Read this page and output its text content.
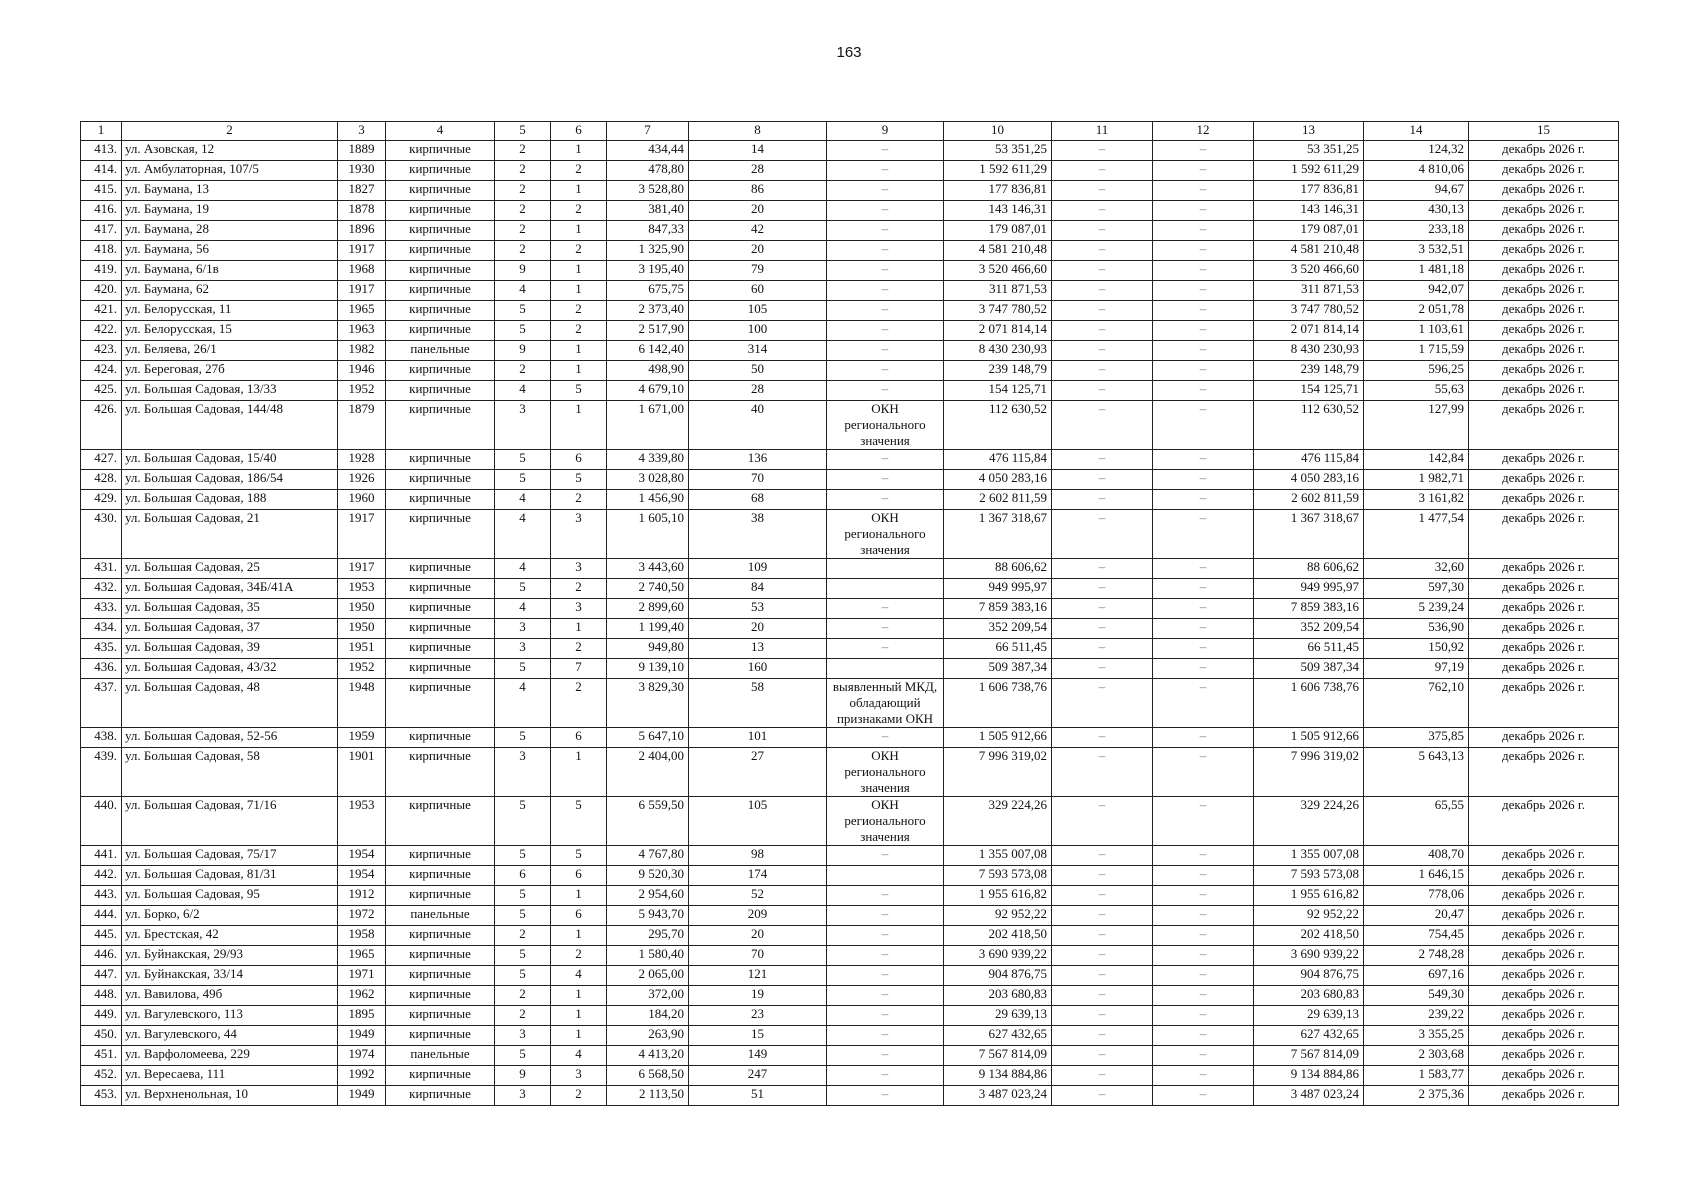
163
1	2	3	4	5	6	7	8	9	10	11	12	13	14	15
413.	ул. Азовская, 12	1889	кирпичные	2	1	434,44	14	–	53 351,25	–	–	53 351,25	124,32	декабрь 2026 г.
414.	ул. Амбулаторная, 107/5	1930	кирпичные	2	2	478,80	28	–	1 592 611,29	–	–	1 592 611,29	4 810,06	декабрь 2026 г.
415.	ул. Баумана, 13	1827	кирпичные	2	1	3 528,80	86	–	177 836,81	–	–	177 836,81	94,67	декабрь 2026 г.
416.	ул. Баумана, 19	1878	кирпичные	2	2	381,40	20	–	143 146,31	–	–	143 146,31	430,13	декабрь 2026 г.
417.	ул. Баумана, 28	1896	кирпичные	2	1	847,33	42	–	179 087,01	–	–	179 087,01	233,18	декабрь 2026 г.
418.	ул. Баумана, 56	1917	кирпичные	2	2	1 325,90	20	–	4 581 210,48	–	–	4 581 210,48	3 532,51	декабрь 2026 г.
419.	ул. Баумана, 6/1в	1968	кирпичные	9	1	3 195,40	79	–	3 520 466,60	–	–	3 520 466,60	1 481,18	декабрь 2026 г.
420.	ул. Баумана, 62	1917	кирпичные	4	1	675,75	60	–	311 871,53	–	–	311 871,53	942,07	декабрь 2026 г.
421.	ул. Белорусская, 11	1965	кирпичные	5	2	2 373,40	105	–	3 747 780,52	–	–	3 747 780,52	2 051,78	декабрь 2026 г.
422.	ул. Белорусская, 15	1963	кирпичные	5	2	2 517,90	100	–	2 071 814,14	–	–	2 071 814,14	1 103,61	декабрь 2026 г.
423.	ул. Беляева, 26/1	1982	панельные	9	1	6 142,40	314	–	8 430 230,93	–	–	8 430 230,93	1 715,59	декабрь 2026 г.
424.	ул. Береговая, 27б	1946	кирпичные	2	1	498,90	50	–	239 148,79	–	–	239 148,79	596,25	декабрь 2026 г.
425.	ул. Большая Садовая, 13/33	1952	кирпичные	4	5	4 679,10	28	–	154 125,71	–	–	154 125,71	55,63	декабрь 2026 г.
426.	ул. Большая Садовая, 144/48	1879	кирпичные	3	1	1 671,00	40	ОКН регионального значения	112 630,52	–	–	112 630,52	127,99	декабрь 2026 г.
427.	ул. Большая Садовая, 15/40	1928	кирпичные	5	6	4 339,80	136	–	476 115,84	–	–	476 115,84	142,84	декабрь 2026 г.
428.	ул. Большая Садовая, 186/54	1926	кирпичные	5	5	3 028,80	70	–	4 050 283,16	–	–	4 050 283,16	1 982,71	декабрь 2026 г.
429.	ул. Большая Садовая, 188	1960	кирпичные	4	2	1 456,90	68	–	2 602 811,59	–	–	2 602 811,59	3 161,82	декабрь 2026 г.
430.	ул. Большая Садовая, 21	1917	кирпичные	4	3	1 605,10	38	ОКН регионального значения	1 367 318,67	–	–	1 367 318,67	1 477,54	декабрь 2026 г.
431.	ул. Большая Садовая, 25	1917	кирпичные	4	3	3 443,60	109		88 606,62	–	–	88 606,62	32,60	декабрь 2026 г.
432.	ул. Большая Садовая, 34Б/41А	1953	кирпичные	5	2	2 740,50	84		949 995,97	–	–	949 995,97	597,30	декабрь 2026 г.
433.	ул. Большая Садовая, 35	1950	кирпичные	4	3	2 899,60	53	–	7 859 383,16	–	–	7 859 383,16	5 239,24	декабрь 2026 г.
434.	ул. Большая Садовая, 37	1950	кирпичные	3	1	1 199,40	20	–	352 209,54	–	–	352 209,54	536,90	декабрь 2026 г.
435.	ул. Большая Садовая, 39	1951	кирпичные	3	2	949,80	13	–	66 511,45	–	–	66 511,45	150,92	декабрь 2026 г.
436.	ул. Большая Садовая, 43/32	1952	кирпичные	5	7	9 139,10	160		509 387,34	–	–	509 387,34	97,19	декабрь 2026 г.
437.	ул. Большая Садовая, 48	1948	кирпичные	4	2	3 829,30	58	выявленный МКД, обладающий признаками ОКН	1 606 738,76	–	–	1 606 738,76	762,10	декабрь 2026 г.
438.	ул. Большая Садовая, 52-56	1959	кирпичные	5	6	5 647,10	101	–	1 505 912,66	–	–	1 505 912,66	375,85	декабрь 2026 г.
439.	ул. Большая Садовая, 58	1901	кирпичные	3	1	2 404,00	27	ОКН регионального значения	7 996 319,02	–	–	7 996 319,02	5 643,13	декабрь 2026 г.
440.	ул. Большая Садовая, 71/16	1953	кирпичные	5	5	6 559,50	105	ОКН регионального значения	329 224,26	–	–	329 224,26	65,55	декабрь 2026 г.
441.	ул. Большая Садовая, 75/17	1954	кирпичные	5	5	4 767,80	98	–	1 355 007,08	–	–	1 355 007,08	408,70	декабрь 2026 г.
442.	ул. Большая Садовая, 81/31	1954	кирпичные	6	6	9 520,30	174		7 593 573,08	–	–	7 593 573,08	1 646,15	декабрь 2026 г.
443.	ул. Большая Садовая, 95	1912	кирпичные	5	1	2 954,60	52	–	1 955 616,82	–	–	1 955 616,82	778,06	декабрь 2026 г.
444.	ул. Борко, 6/2	1972	панельные	5	6	5 943,70	209	–	92 952,22	–	–	92 952,22	20,47	декабрь 2026 г.
445.	ул. Брестская, 42	1958	кирпичные	2	1	295,70	20	–	202 418,50	–	–	202 418,50	754,45	декабрь 2026 г.
446.	ул. Буйнакская, 29/93	1965	кирпичные	5	2	1 580,40	70	–	3 690 939,22	–	–	3 690 939,22	2 748,28	декабрь 2026 г.
447.	ул. Буйнакская, 33/14	1971	кирпичные	5	4	2 065,00	121	–	904 876,75	–	–	904 876,75	697,16	декабрь 2026 г.
448.	ул. Вавилова, 49б	1962	кирпичные	2	1	372,00	19	–	203 680,83	–	–	203 680,83	549,30	декабрь 2026 г.
449.	ул. Вагулевского, 113	1895	кирпичные	2	1	184,20	23	–	29 639,13	–	–	29 639,13	239,22	декабрь 2026 г.
450.	ул. Вагулевского, 44	1949	кирпичные	3	1	263,90	15	–	627 432,65	–	–	627 432,65	3 355,25	декабрь 2026 г.
451.	ул. Варфоломеева, 229	1974	панельные	5	4	4 413,20	149	–	7 567 814,09	–	–	7 567 814,09	2 303,68	декабрь 2026 г.
452.	ул. Вересаева, 111	1992	кирпичные	9	3	6 568,50	247	–	9 134 884,86	–	–	9 134 884,86	1 583,77	декабрь 2026 г.
453.	ул. Верхненольная, 10	1949	кирпичные	3	2	2 113,50	51	–	3 487 023,24	–	–	3 487 023,24	2 375,36	декабрь 2026 г.
